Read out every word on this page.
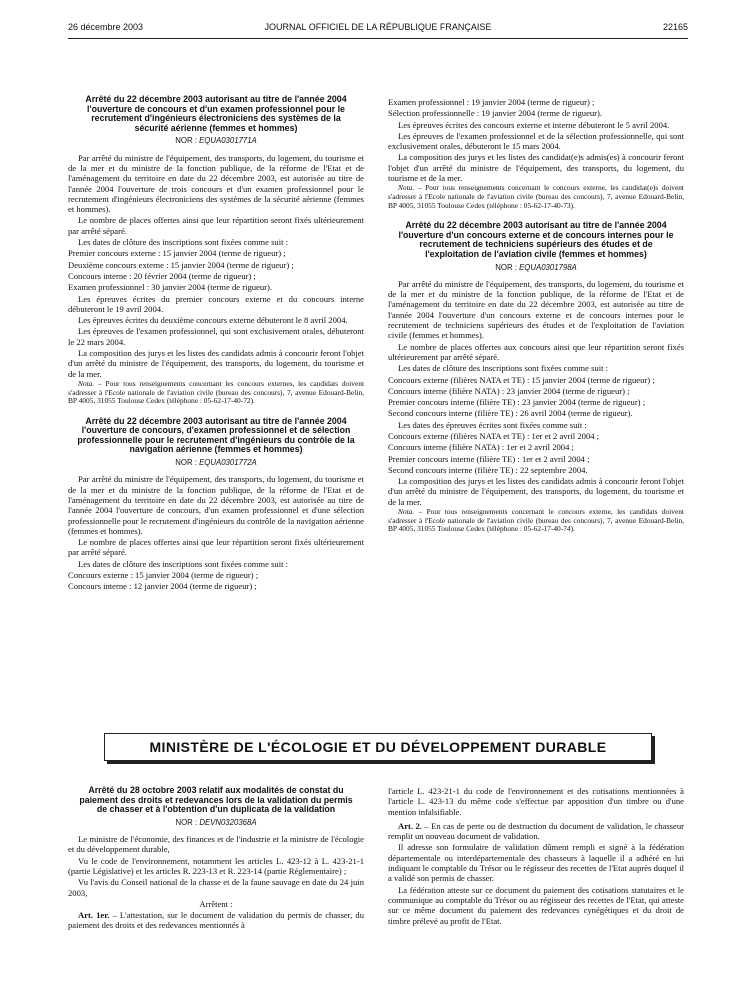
26 décembre 2003	JOURNAL OFFICIEL DE LA RÉPUBLIQUE FRANÇAISE	22165
Arrêté du 22 décembre 2003 autorisant au titre de l'année 2004 l'ouverture de concours et d'un examen professionnel pour le recrutement d'ingénieurs électroniciens des systèmes de la sécurité aérienne (femmes et hommes)
NOR : EQUA0301771A

Par arrêté du ministre de l'équipement, des transports, du logement, du tourisme et de la mer et du ministre de la fonction publique, de la réforme de l'Etat et de l'aménagement du territoire en date du 22 décembre 2003, est autorisée au titre de l'année 2004 l'ouverture de trois concours et d'un examen professionnel pour le recrutement d'ingénieurs électroniciens des systèmes de la sécurité aérienne (femmes et hommes).

Le nombre de places offertes ainsi que leur répartition seront fixés ultérieurement par arrêté séparé.

Les dates de clôture des inscriptions sont fixées comme suit :

Premier concours externe : 15 janvier 2004 (terme de rigueur) ;

Deuxième concours externe : 15 janvier 2004 (terme de rigueur) ;

Concours interne : 20 février 2004 (terme de rigueur) ;

Examen professionnel : 30 janvier 2004 (terme de rigueur).

Les épreuves écrites du premier concours externe et du concours interne débuteront le 19 avril 2004.

Les épreuves écrites du deuxième concours externe débuteront le 8 avril 2004.

Les épreuves de l'examen professionnel, qui sont exclusivement orales, débuteront le 22 mars 2004.

La composition des jurys et les listes des candidats admis à concourir feront l'objet d'un arrêté du ministre de l'équipement, des transports, du logement, du tourisme et de la mer.

Nota. – Pour tous renseignements concernant les concours externes, les candidats doivent s'adresser à l'Ecole nationale de l'aviation civile (bureau des concours), 7, avenue Edouard-Belin, BP 4005, 31055 Toulouse Cedex (téléphone : 05-62-17-40-72).

Arrêté du 22 décembre 2003 autorisant au titre de l'année 2004 l'ouverture de concours, d'examen professionnel et de sélection professionnelle pour le recrutement d'ingénieurs du contrôle de la navigation aérienne (femmes et hommes)
NOR : EQUA0301772A

Par arrêté du ministre de l'équipement, des transports, du logement, du tourisme et de la mer et du ministre de la fonction publique, de la réforme de l'Etat et de l'aménagement du territoire en date du 22 décembre 2003, est autorisée au titre de l'année 2004 l'ouverture de concours, d'un examen professionnel et d'une sélection professionnelle pour le recrutement d'ingénieurs du contrôle de la navigation aérienne (femmes et hommes).

Le nombre de places offertes ainsi que leur répartition seront fixés ultérieurement par arrêté séparé.

Les dates de clôture des inscriptions sont fixées comme suit :

Concours externe : 15 janvier 2004 (terme de rigueur) ;

Concours interne : 12 janvier 2004 (terme de rigueur) ;

Examen professionnel : 19 janvier 2004 (terme de rigueur) ;

Sélection professionnelle : 19 janvier 2004 (terme de rigueur).

Les épreuves écrites des concours externe et interne débuteront le 5 avril 2004.

Les épreuves de l'examen professionnel et de la sélection professionnelle, qui sont exclusivement orales, débuteront le 15 mars 2004.

La composition des jurys et les listes des candidat(e)s admis(es) à concourir feront l'objet d'un arrêté du ministre de l'équipement, des transports, du logement, du tourisme et de la mer.

Nota. – Pour tous renseignements concernant le concours externe, les candidat(e)s doivent s'adresser à l'Ecole nationale de l'aviation civile (bureau des concours), 7, avenue Edouard-Belin, BP 4005, 31055 Toulouse Cedex (téléphone : 05-62-17-40-73).

Arrêté du 22 décembre 2003 autorisant au titre de l'année 2004 l'ouverture d'un concours externe et de concours internes pour le recrutement de techniciens supérieurs des études et de l'exploitation de l'aviation civile (femmes et hommes)
NOR : EQUA0301798A

Par arrêté du ministre de l'équipement, des transports, du logement, du tourisme et de la mer et du ministre de la fonction publique, de la réforme de l'Etat et de l'aménagement du territoire en date du 22 décembre 2003, est autorisée au titre de l'année 2004 l'ouverture d'un concours externe et de concours internes pour le recrutement de techniciens supérieurs des études et de l'exploitation de l'aviation civile (femmes et hommes).

Le nombre de places offertes aux concours ainsi que leur répartition seront fixés ultérieurement par arrêté séparé.

Les dates de clôture des inscriptions sont fixées comme suit :

Concours externe (filières NATA et TE) : 15 janvier 2004 (terme de rigueur) ;

Concours interne (filière NATA) : 23 janvier 2004 (terme de rigueur) ;

Premier concours interne (filière TE) : 23 janvier 2004 (terme de rigueur) ;

Second concours interne (filière TE) : 26 avril 2004 (terme de rigueur).

Les dates des épreuves écrites sont fixées comme suit :

Concours externe (filières NATA et TE) : 1er et 2 avril 2004 ;

Concours interne (filière NATA) : 1er et 2 avril 2004 ;

Premier concours interne (filière TE) : 1er et 2 avril 2004 ;

Second concours interne (filière TE) : 22 septembre 2004.

La composition des jurys et les listes des candidats admis à concourir feront l'objet d'un arrêté du ministre de l'équipement, des transports, du logement, du tourisme et de la mer.

Nota. – Pour tous renseignements concernant le concours externe, les candidats doivent s'adresser à l'Ecole nationale de l'aviation civile (bureau des concours), 7, avenue Edouard-Belin, BP 4005, 31055 Toulouse Cedex (téléphone : 05-62-17-40-74).

MINISTÈRE DE L'ÉCOLOGIE ET DU DÉVELOPPEMENT DURABLE
Arrêté du 28 octobre 2003 relatif aux modalités de constat du paiement des droits et redevances lors de la validation du permis de chasser et à l'obtention d'un duplicata de la validation
NOR : DEVN0320368A

Le ministre de l'économie, des finances et de l'industrie et la ministre de l'écologie et du développement durable,

Vu le code de l'environnement, notamment les articles L. 423-12 à L. 423-21-1 (partie Législative) et les articles R. 223-13 et R. 223-14 (partie Réglementaire) ;

Vu l'avis du Conseil national de la chasse et de la faune sauvage en date du 24 juin 2003,

Arrêtent :

Art. 1er. – L'attestation, sur le document de validation du permis de chasser, du paiement des droits et des redevances mentionnés à

l'article L. 423-21-1 du code de l'environnement et des cotisations mentionnées à l'article L. 423-13 du même code s'effectue par apposition d'un timbre ou d'une mention infalsifiable.

Art. 2. – En cas de perte ou de destruction du document de validation, le chasseur remplit un nouveau document de validation.

Il adresse son formulaire de validation dûment rempli et signé à la fédération départementale ou interdépartementale des chasseurs à laquelle il a adhéré en lui indiquant le comptable du Trésor ou le régisseur des recettes de l'Etat auprès duquel il a validé son permis de chasser.

La fédération atteste sur ce document du paiement des cotisations statutaires et le communique au comptable du Trésor ou au régisseur des recettes de l'Etat, qui atteste sur ce même document du paiement des redevances cynégétiques et du droit de timbre prélevé au profit de l'Etat.
